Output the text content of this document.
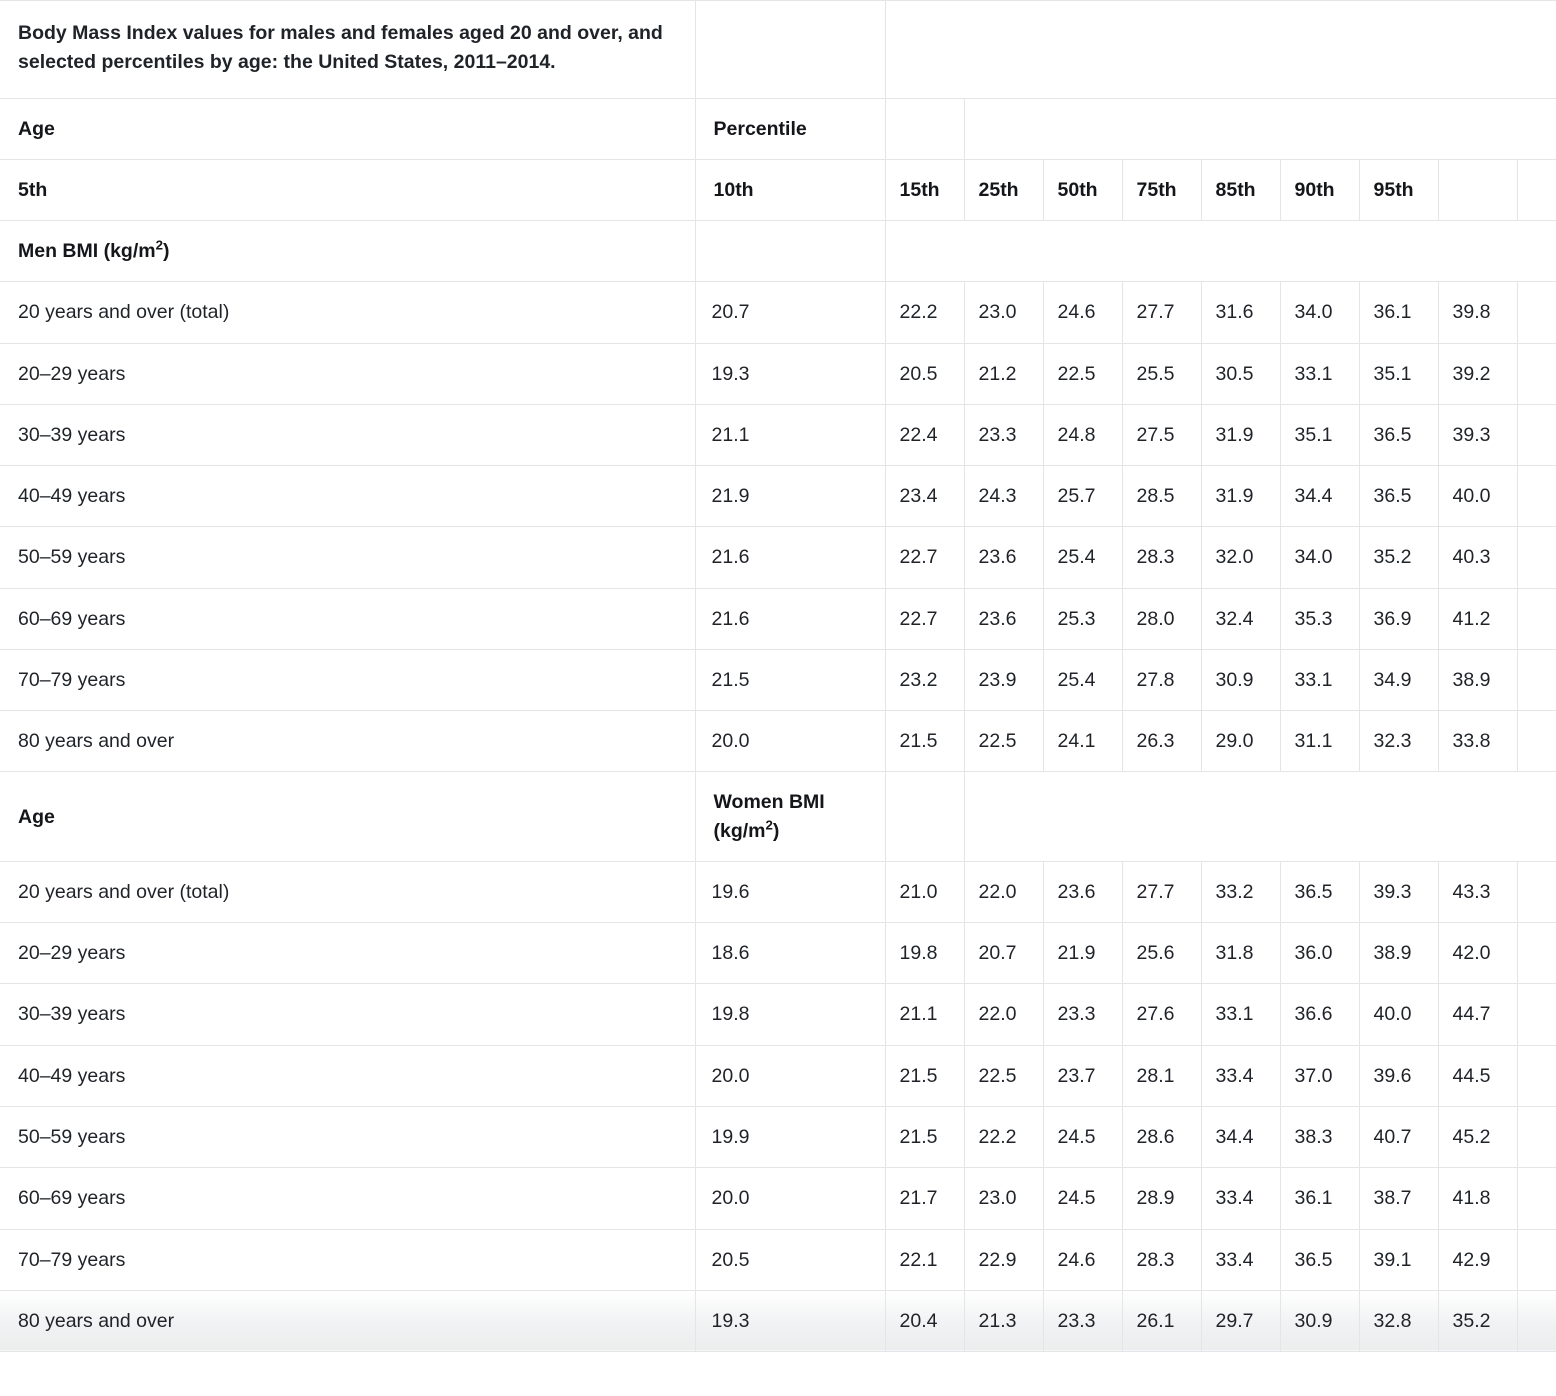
Body Mass Index values for males and females aged 20 and over, and selected percentiles by age: the United States, 2011–2014.											
Age	Percentile										
5th	10th	15th	25th	50th	75th	85th	90th	95th			
Men BMI $(kg/m^2)$											
20 years and over (total)	20.7	22.2	23.0	24.6	27.7	31.6	34.0	36.1	39.8		
20–29 years	19.3	20.5	21.2	22.5	25.5	30.5	33.1	35.1	39.2		
30–39 years	21.1	22.4	23.3	24.8	27.5	31.9	35.1	36.5	39.3		
40–49 years	21.9	23.4	24.3	25.7	28.5	31.9	34.4	36.5	40.0		
50–59 years	21.6	22.7	23.6	25.4	28.3	32.0	34.0	35.2	40.3		
60–69 years	21.6	22.7	23.6	25.3	28.0	32.4	35.3	36.9	41.2		
70–79 years	21.5	23.2	23.9	25.4	27.8	30.9	33.1	34.9	38.9		
80 years and over	20.0	21.5	22.5	24.1	26.3	29.0	31.1	32.3	33.8		
Age	Women BMI $(kg/m^2)$										
20 years and over (total)	19.6	21.0	22.0	23.6	27.7	33.2	36.5	39.3	43.3		
20–29 years	18.6	19.8	20.7	21.9	25.6	31.8	36.0	38.9	42.0		
30–39 years	19.8	21.1	22.0	23.3	27.6	33.1	36.6	40.0	44.7		
40–49 years	20.0	21.5	22.5	23.7	28.1	33.4	37.0	39.6	44.5		
50–59 years	19.9	21.5	22.2	24.5	28.6	34.4	38.3	40.7	45.2		
60–69 years	20.0	21.7	23.0	24.5	28.9	33.4	36.1	38.7	41.8		
70–79 years	20.5	22.1	22.9	24.6	28.3	33.4	36.5	39.1	42.9		
80 years and over	19.3	20.4	21.3	23.3	26.1	29.7	30.9	32.8	35.2		
